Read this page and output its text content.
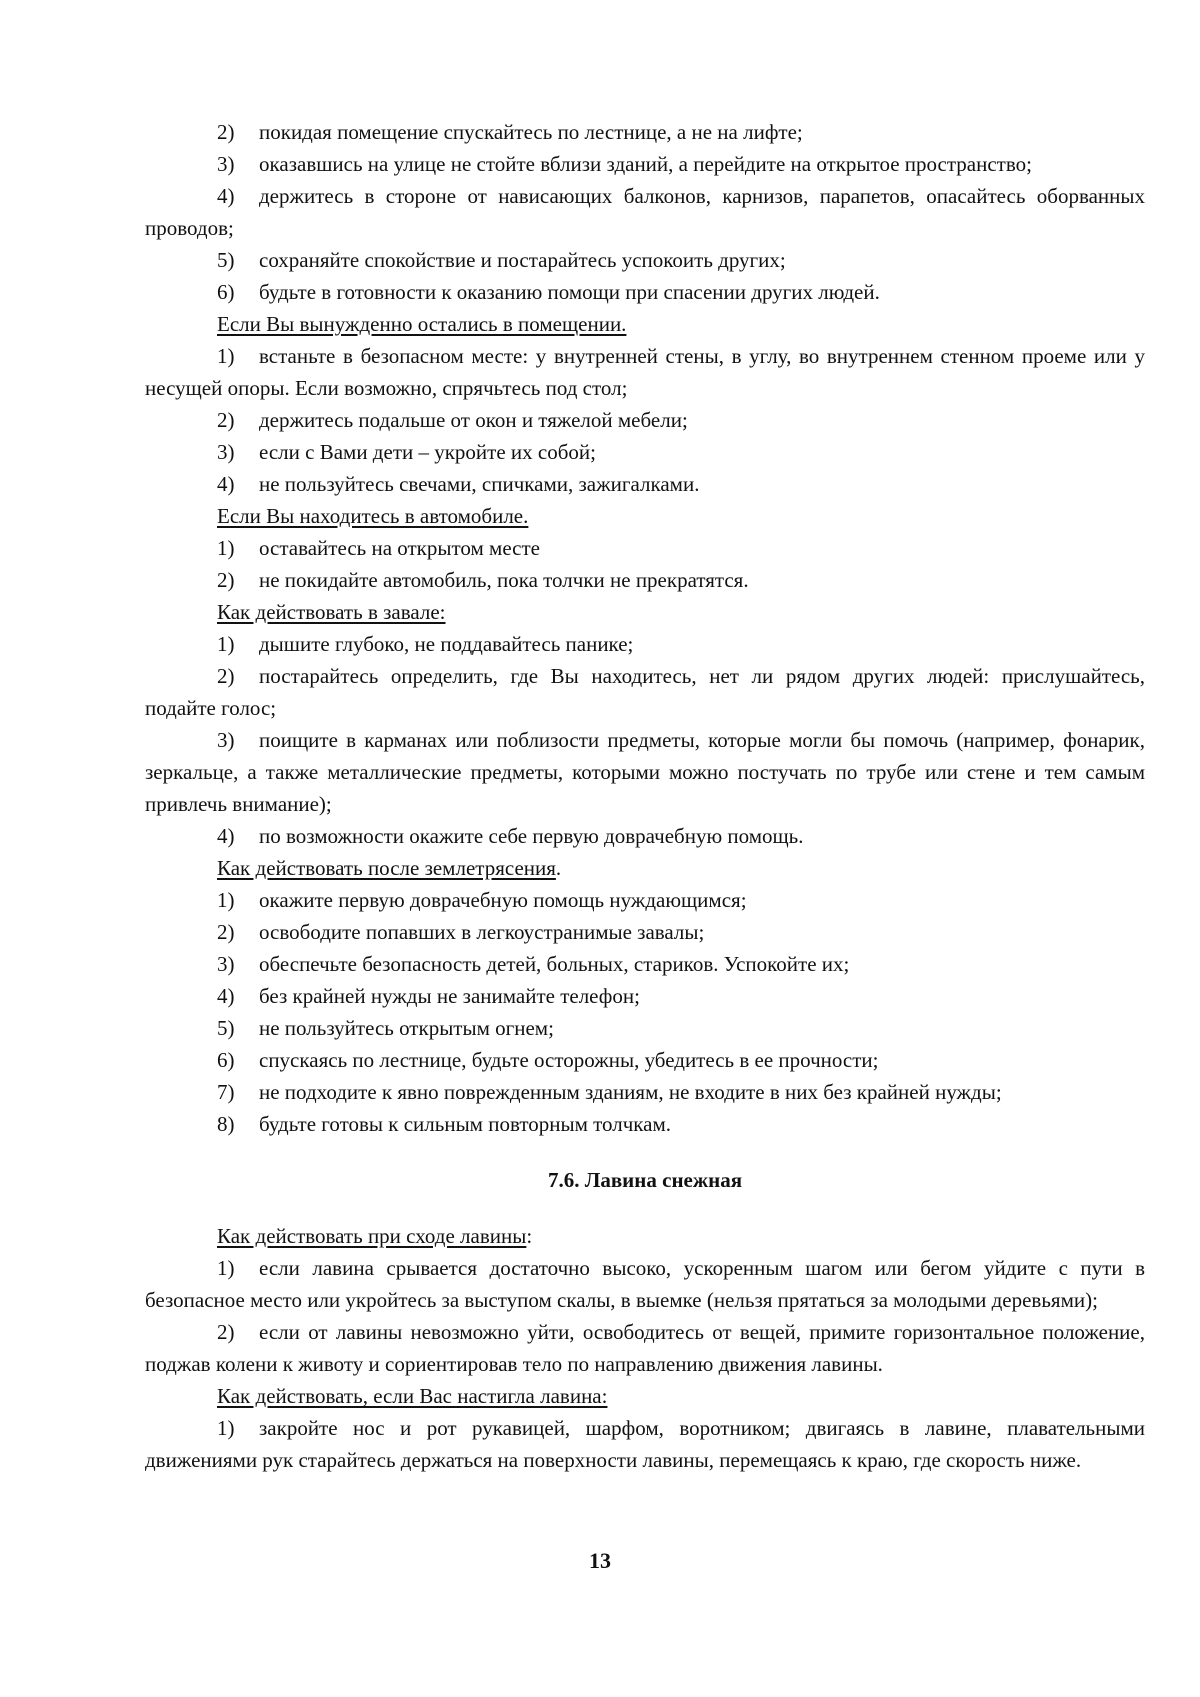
2) покидая помещение спускайтесь по лестнице, а не на лифте;

3) оказавшись на улице не стойте вблизи зданий, а перейдите на открытое пространство;

4) держитесь в стороне от нависающих балконов, карнизов, парапетов, опасайтесь оборванных проводов;

5) сохраняйте спокойствие и постарайтесь успокоить других;

6) будьте в готовности к оказанию помощи при спасении других людей.

Если Вы вынужденно остались в помещении.

1) встаньте в безопасном месте: у внутренней стены, в углу, во внутреннем стенном проеме или у несущей опоры. Если возможно, спрячьтесь под стол;

2) держитесь подальше от окон и тяжелой мебели;

3) если с Вами дети – укройте их собой;

4) не пользуйтесь свечами, спичками, зажигалками.

Если Вы находитесь в автомобиле.

1) оставайтесь на открытом месте

2) не покидайте автомобиль, пока толчки не прекратятся.

Как действовать в завале:

1) дышите глубоко, не поддавайтесь панике;

2) постарайтесь определить, где Вы находитесь, нет ли рядом других людей: прислушайтесь, подайте голос;

3) поищите в карманах или поблизости предметы, которые могли бы помочь (например, фонарик, зеркальце, а также металлические предметы, которыми можно постучать по трубе или стене и тем самым привлечь внимание);

4) по возможности окажите себе первую доврачебную помощь.

Как действовать после землетрясения.

1) окажите первую доврачебную помощь нуждающимся;

2) освободите попавших в легкоустранимые завалы;

3) обеспечьте безопасность детей, больных, стариков. Успокойте их;

4) без крайней нужды не занимайте телефон;

5) не пользуйтесь открытым огнем;

6) спускаясь по лестнице, будьте осторожны, убедитесь в ее прочности;

7) не подходите к явно поврежденным зданиям, не входите в них без крайней нужды;

8) будьте готовы к сильным повторным толчкам.

7.6. Лавина снежная

Как действовать при сходе лавины:

1) если лавина срывается достаточно высоко, ускоренным шагом или бегом уйдите с пути в безопасное место или укройтесь за выступом скалы, в выемке (нельзя прятаться за молодыми деревьями);

2) если от лавины невозможно уйти, освободитесь от вещей, примите горизонтальное положение, поджав колени к животу и сориентировав тело по направлению движения лавины.

Как действовать, если Вас настигла лавина:

1) закройте нос и рот рукавицей, шарфом, воротником; двигаясь в лавине, плавательными движениями рук старайтесь держаться на поверхности лавины, перемещаясь к краю, где скорость ниже.

13
